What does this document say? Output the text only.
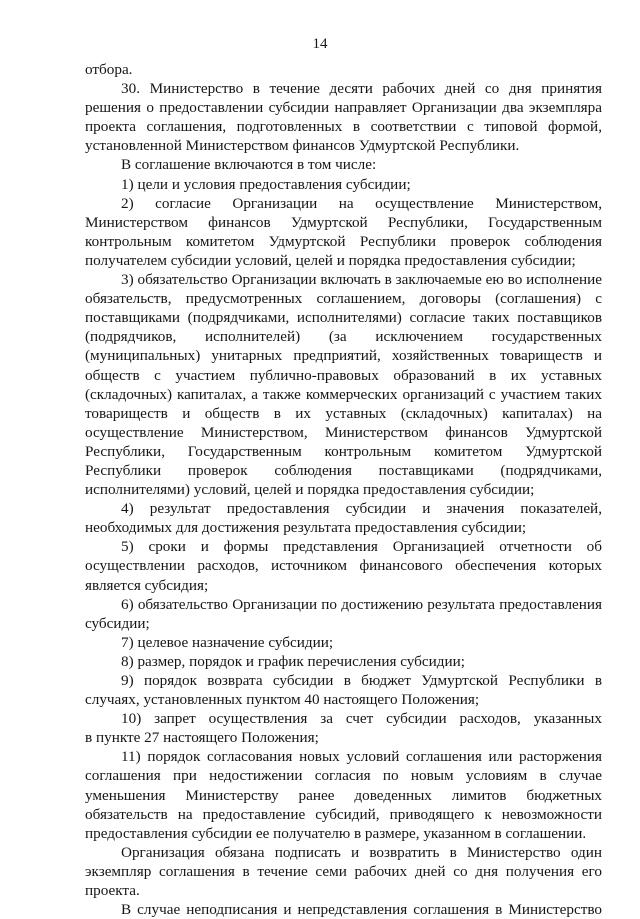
14
отбора.
30. Министерство в течение десяти рабочих дней со дня принятия
решения о предоставлении субсидии направляет Организации два экземпляра
проекта соглашения, подготовленных в соответствии с типовой формой,
установленной Министерством финансов Удмуртской Республики.
В соглашение включаются в том числе:
1) цели и условия предоставления субсидии;
2) согласие Организации на осуществление Министерством,
Министерством финансов Удмуртской Республики, Государственным
контрольным комитетом Удмуртской Республики проверок соблюдения
получателем субсидии условий, целей и порядка предоставления субсидии;
3) обязательство Организации включать в заключаемые ею во исполнение
обязательств, предусмотренных соглашением, договоры (соглашения) с
поставщиками (подрядчиками, исполнителями) согласие таких поставщиков
(подрядчиков, исполнителей) (за исключением государственных
(муниципальных) унитарных предприятий, хозяйственных товариществ и
обществ с участием публично-правовых образований в их уставных
(складочных) капиталах, а также коммерческих организаций с участием таких
товариществ и обществ в их уставных (складочных) капиталах) на
осуществление Министерством, Министерством финансов Удмуртской
Республики, Государственным контрольным комитетом Удмуртской
Республики проверок соблюдения поставщиками (подрядчиками,
исполнителями) условий, целей и порядка предоставления субсидии;
4) результат предоставления субсидии и значения показателей,
необходимых для достижения результата предоставления субсидии;
5) сроки и формы представления Организацией отчетности об
осуществлении расходов, источником финансового обеспечения которых
является субсидия;
6) обязательство Организации по достижению результата предоставления
субсидии;
7) целевое назначение субсидии;
8) размер, порядок и график перечисления субсидии;
9) порядок возврата субсидии в бюджет Удмуртской Республики в
случаях, установленных пунктом 40 настоящего Положения;
10) запрет осуществления за счет субсидии расходов, указанных
в пункте 27 настоящего Положения;
11) порядок согласования новых условий соглашения или расторжения
соглашения при недостижении согласия по новым условиям в случае
уменьшения Министерству ранее доведенных лимитов бюджетных
обязательств на предоставление субсидий, приводящего к невозможности
предоставления субсидии ее получателю в размере, указанном в соглашении.
Организация обязана подписать и возвратить в Министерство один
экземпляр соглашения в течение семи рабочих дней со дня получения его
проекта.
В случае неподписания и непредставления соглашения в Министерство
